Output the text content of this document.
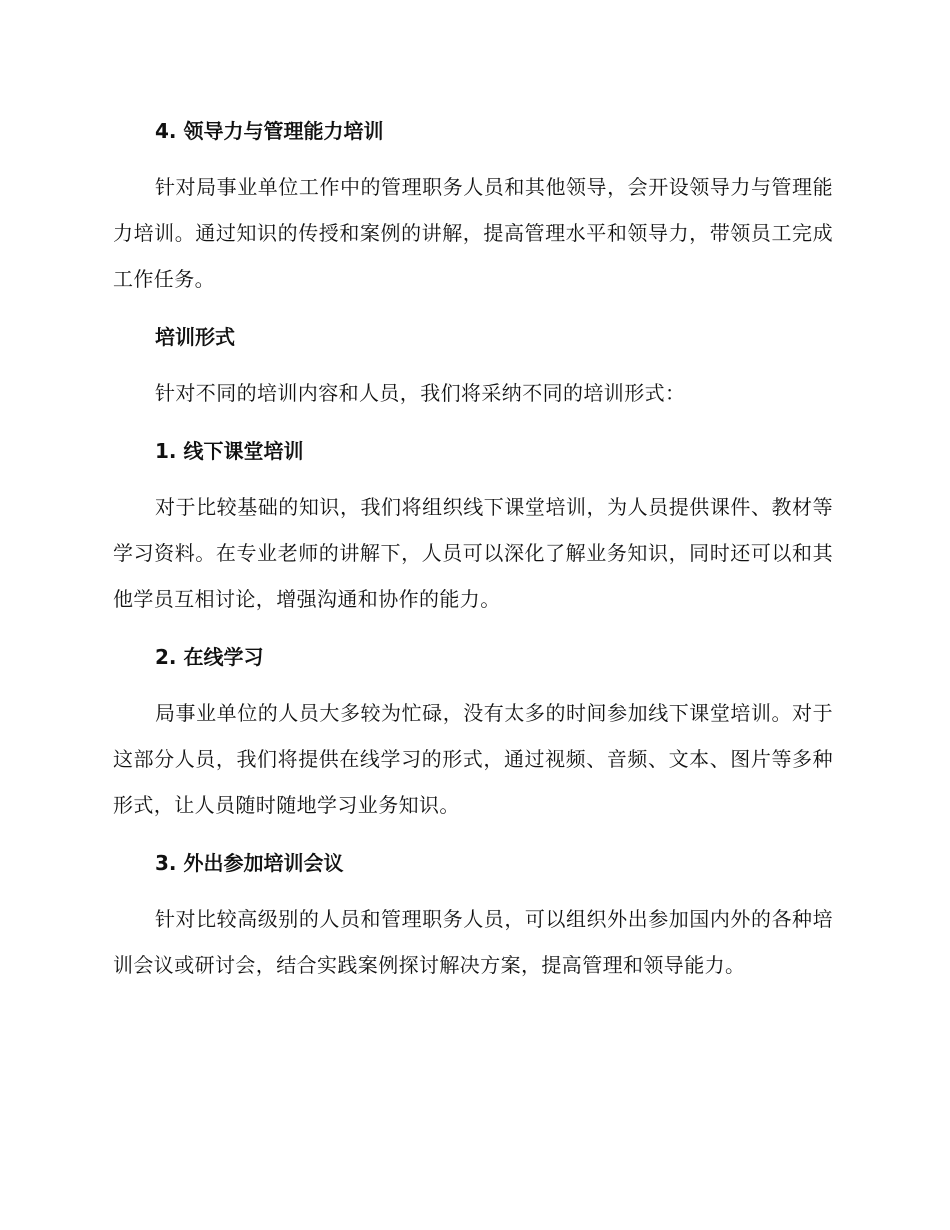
4. 领导力与管理能力培训

针对局事业单位工作中的管理职务人员和其他领导，会开设领导力与管理能力培训。通过知识的传授和案例的讲解，提高管理水平和领导力，带领员工完成工作任务。

培训形式

针对不同的培训内容和人员，我们将采纳不同的培训形式：

1. 线下课堂培训

对于比较基础的知识，我们将组织线下课堂培训，为人员提供课件、教材等学习资料。在专业老师的讲解下，人员可以深化了解业务知识，同时还可以和其他学员互相讨论，增强沟通和协作的能力。

2. 在线学习

局事业单位的人员大多较为忙碌，没有太多的时间参加线下课堂培训。对于这部分人员，我们将提供在线学习的形式，通过视频、音频、文本、图片等多种形式，让人员随时随地学习业务知识。

3. 外出参加培训会议

针对比较高级别的人员和管理职务人员，可以组织外出参加国内外的各种培训会议或研讨会，结合实践案例探讨解决方案，提高管理和领导能力。
